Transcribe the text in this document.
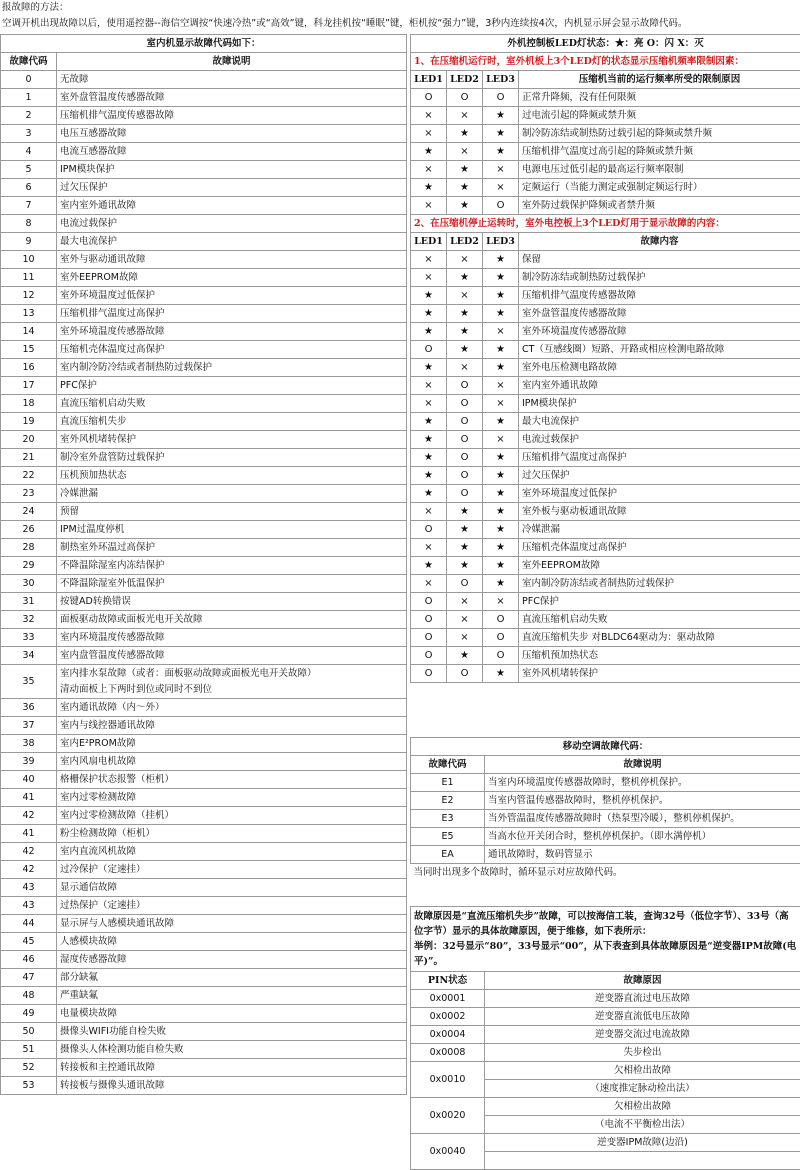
报故障的方法：
空调开机出现故障以后，使用遥控器--海信空调按“快速冷热”或“高效”键，科龙挂机按“睡眠”键，柜机按“强力”键，3秒内连续按4次，内机显示屏会显示故障代码。
室内机显示故障代码如下：	
故障代码	故障说明
0	无故障
1	室外盘管温度传感器故障
2	压缩机排气温度传感器故障
3	电压互感器故障
4	电流互感器故障
5	IPM模块保护
6	过欠压保护
7	室内室外通讯故障
8	电流过载保护
9	最大电流保护
10	室外与驱动通讯故障
11	室外EEPROM故障
12	室外环境温度过低保护
13	压缩机排气温度过高保护
14	室外环境温度传感器故障
15	压缩机壳体温度过高保护
16	室内制冷防冷结或者制热防过载保护
17	PFC保护
18	直流压缩机启动失败
19	直流压缩机失步
20	室外风机堵转保护
21	制冷室外盘管防过载保护
22	压机预加热状态
23	冷媒泄漏
24	预留
26	IPM过温度停机
28	制热室外环温过高保护
29	不降温除湿室内冻结保护
30	不降温除湿室外低温保护
31	按键AD转换错误
32	面板驱动故障或面板光电开关故障
33	室内环境温度传感器故障
34	室内盘管温度传感器故障
35	室内排水泵故障（或者：面板驱动故障或面板光电开关故障）
清动面板上下两时到位或同时不到位

36	室内通讯故障（内～外）
37	室内与线控器通讯故障
38	室内E²PROM故障
39	室内风扇电机故障
40	格栅保护状态报警（柜机）
41	室内过零检测故障
42	室内过零检测故障（挂机）
41	粉尘检测故障（柜机）
42	室内直流风机故障
42	过冷保护（定速挂）
43	显示通信故障
43	过热保护（定速挂）
44	显示屏与人感模块通讯故障
45	人感模块故障
46	湿度传感器故障
47	部分缺氟
48	严重缺氟
49	电量模块故障
50	摄像头WIFI功能自检失败
51	摄像头人体检测功能自检失败
52	转接板和主控通讯故障
53	转接板与摄像头通讯故障
外机控制板LED灯状态：★：亮 O：闪 X：灭			
1、在压缩机运行时，室外机板上3个LED灯的状态显示压缩机频率限制因素：			
LED1	LED2	LED3	压缩机当前的运行频率所受的限制原因
O	O	O	正常升降频，没有任何限频
×	×	★	过电流引起的降频或禁升频
×	★	★	制冷防冻结或制热防过载引起的降频或禁升频
★	×	★	压缩机排气温度过高引起的降频或禁升频
×	★	×	电源电压过低引起的最高运行频率限制
★	★	×	定频运行（当能力测定或强制定频运行时）
×	★	O	室外防过载保护降频或者禁升频
2、在压缩机停止运转时，室外电控板上3个LED灯用于显示故障的内容：			
LED1	LED2	LED3	故障内容
×	×	★	保留
×	★	★	制冷防冻结或制热防过载保护
★	×	★	压缩机排气温度传感器故障
★	★	★	室外盘管温度传感器故障
★	★	×	室外环境温度传感器故障
O	★	★	CT（互感线圈）短路、开路或相应检测电路故障
★	×	★	室外电压检测电路故障
×	O	×	室内室外通讯故障
×	O	×	IPM模块保护
★	O	★	最大电流保护
★	O	×	电流过载保护
★	O	★	压缩机排气温度过高保护
★	O	★	过欠压保护
★	O	★	室外环境温度过低保护
×	★	★	室外板与驱动板通讯故障
O	★	★	冷媒泄漏
×	★	★	压缩机壳体温度过高保护
★	★	★	室外EEPROM故障
×	O	★	室内制冷防冻结或者制热防过载保护
O	×	×	PFC保护
O	×	O	直流压缩机启动失败
O	×	O	直流压缩机失步 对BLDC64驱动为：驱动故障
O	★	O	压缩机预加热状态
O	O	★	室外风机堵转保护
移动空调故障代码：	
故障代码	故障说明
E1	当室内环境温度传感器故障时，整机停机保护。
E2	当室内管温传感器故障时，整机停机保护。
E3	当外管温温度传感器故障时（热泵型冷暖），整机停机保护。
E5	当高水位开关闭合时，整机停机保护。（即水满停机）
EA	通讯故障时，数码管显示
当同时出现多个故障时，循环显示对应故障代码。	
故障原因是“直流压缩机失步”故障，可以按海信工装，查询32号（低位字节）、33号（高位字节）显示的具体故障原因，便于维修，如下表所示：
举例：32号显示“80”，33号显示“00”，从下表查到具体故障原因是“逆变器IPM故障(电平)”。	

PIN状态	故障原因
0x0001	逆变器直流过电压故障
0x0002	逆变器直流低电压故障
0x0004	逆变器交流过电流故障
0x0008	失步检出
0x0010	欠相检出故障
	（速度推定脉动检出法）
0x0020	欠相检出故障
	（电流不平衡检出法）
0x0040	逆变器IPM故障(边沿)
